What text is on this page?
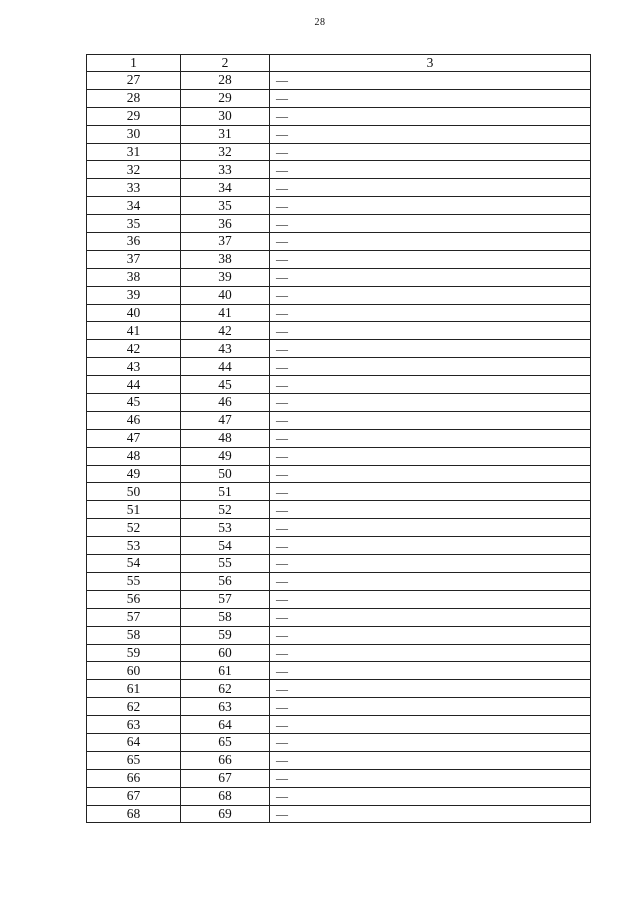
28
1	2	3
27	28	—
28	29	—
29	30	—
30	31	—
31	32	—
32	33	—
33	34	—
34	35	—
35	36	—
36	37	—
37	38	—
38	39	—
39	40	—
40	41	—
41	42	—
42	43	—
43	44	—
44	45	—
45	46	—
46	47	—
47	48	—
48	49	—
49	50	—
50	51	—
51	52	—
52	53	—
53	54	—
54	55	—
55	56	—
56	57	—
57	58	—
58	59	—
59	60	—
60	61	—
61	62	—
62	63	—
63	64	—
64	65	—
65	66	—
66	67	—
67	68	—
68	69	—
